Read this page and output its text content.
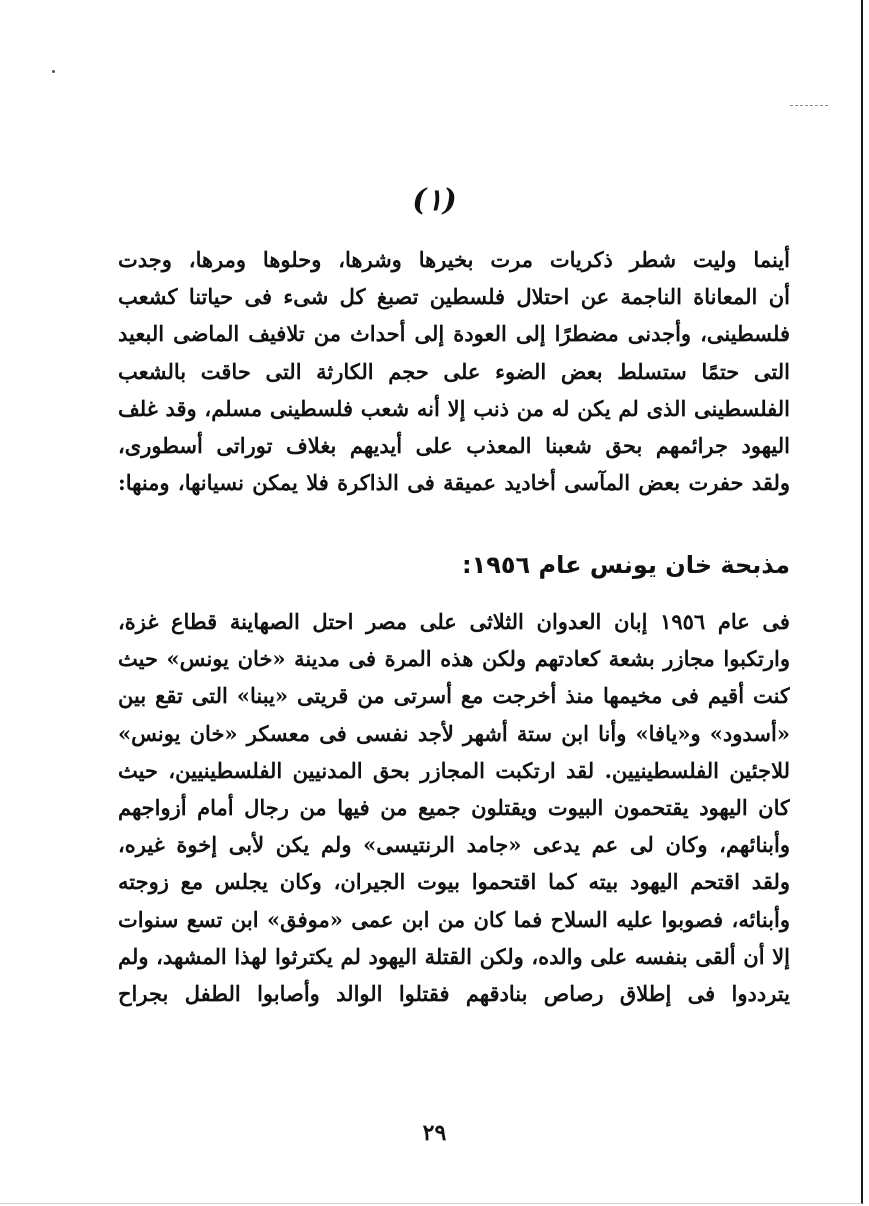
(١)
أينما وليت شطر ذكريات مرت بخيرها وشرها، وحلوها ومرها، وجدت
أن المعاناة الناجمة عن احتلال فلسطين تصبغ كل شىء فى حياتنا كشعب
فلسطينى، وأجدنى مضطرًا إلى العودة إلى أحداث من تلافيف الماضى البعيد
التى حتمًا ستسلط بعض الضوء على حجم الكارثة التى حاقت بالشعب
الفلسطينى الذى لم يكن له من ذنب إلا أنه شعب فلسطينى مسلم، وقد غلف
اليهود جرائمهم بحق شعبنا المعذب على أيديهم بغلاف توراتى أسطورى،
ولقد حفرت بعض المآسى أخاديد عميقة فى الذاكرة فلا يمكن نسيانها، ومنها:
مذبحة خان يونس عام ١٩٥٦:
فى عام ١٩٥٦ إبان العدوان الثلاثى على مصر احتل الصهاينة قطاع غزة،
وارتكبوا مجازر بشعة كعادتهم ولكن هذه المرة فى مدينة «خان يونس» حيث
كنت أقيم فى مخيمها منذ أخرجت مع أسرتى من قريتى «يبنا» التى تقع بين
«أسدود» و«يافا» وأنا ابن ستة أشهر لأجد نفسى فى معسكر «خان يونس»
للاجئين الفلسطينيين. لقد ارتكبت المجازر بحق المدنيين الفلسطينيين، حيث
كان اليهود يقتحمون البيوت ويقتلون جميع من فيها من رجال أمام أزواجهم
وأبنائهم، وكان لى عم يدعى «جامد الرنتيسى» ولم يكن لأبى إخوة غيره،
ولقد اقتحم اليهود بيته كما اقتحموا بيوت الجيران، وكان يجلس مع زوجته
وأبنائه، فصوبوا عليه السلاح فما كان من ابن عمى «موفق» ابن تسع سنوات
إلا أن ألقى بنفسه على والده، ولكن القتلة اليهود لم يكترثوا لهذا المشهد، ولم
يترددوا فى إطلاق رصاص بنادقهم فقتلوا الوالد وأصابوا الطفل بجراح
٢٩
